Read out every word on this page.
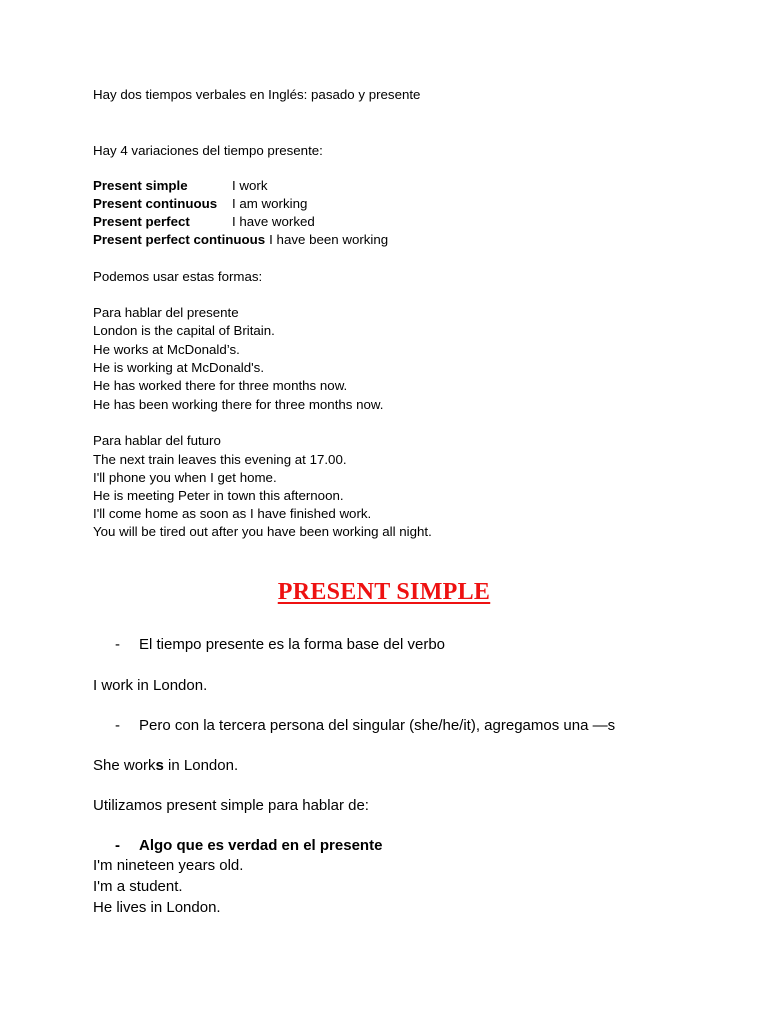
Hay dos tiempos verbales en Inglés: pasado y presente
Hay 4 variaciones del tiempo presente:
Present simple	I work
Present continuous I am working
Present perfect	I have worked
Present perfect continuous I have been working
Podemos usar estas formas:
Para hablar del presente
London is the capital of Britain.
He works at McDonald’s.
He is working at McDonald's.
He has worked there for three months now.
He has been working there for three months now.
Para hablar del futuro
The next train leaves this evening at 17.00.
I'll phone you when I get home.
He is meeting Peter in town this afternoon.
I'll come home as soon as I have finished work.
You will be tired out after you have been working all night.
PRESENT SIMPLE
- El tiempo presente es la forma base del verbo
I work in London.
- Pero con la tercera persona del singular (she/he/it), agregamos una —s
She works in London.
Utilizamos present simple para hablar de:
- Algo que es verdad en el presente
I'm nineteen years old.
I'm a student.
He lives in London.
